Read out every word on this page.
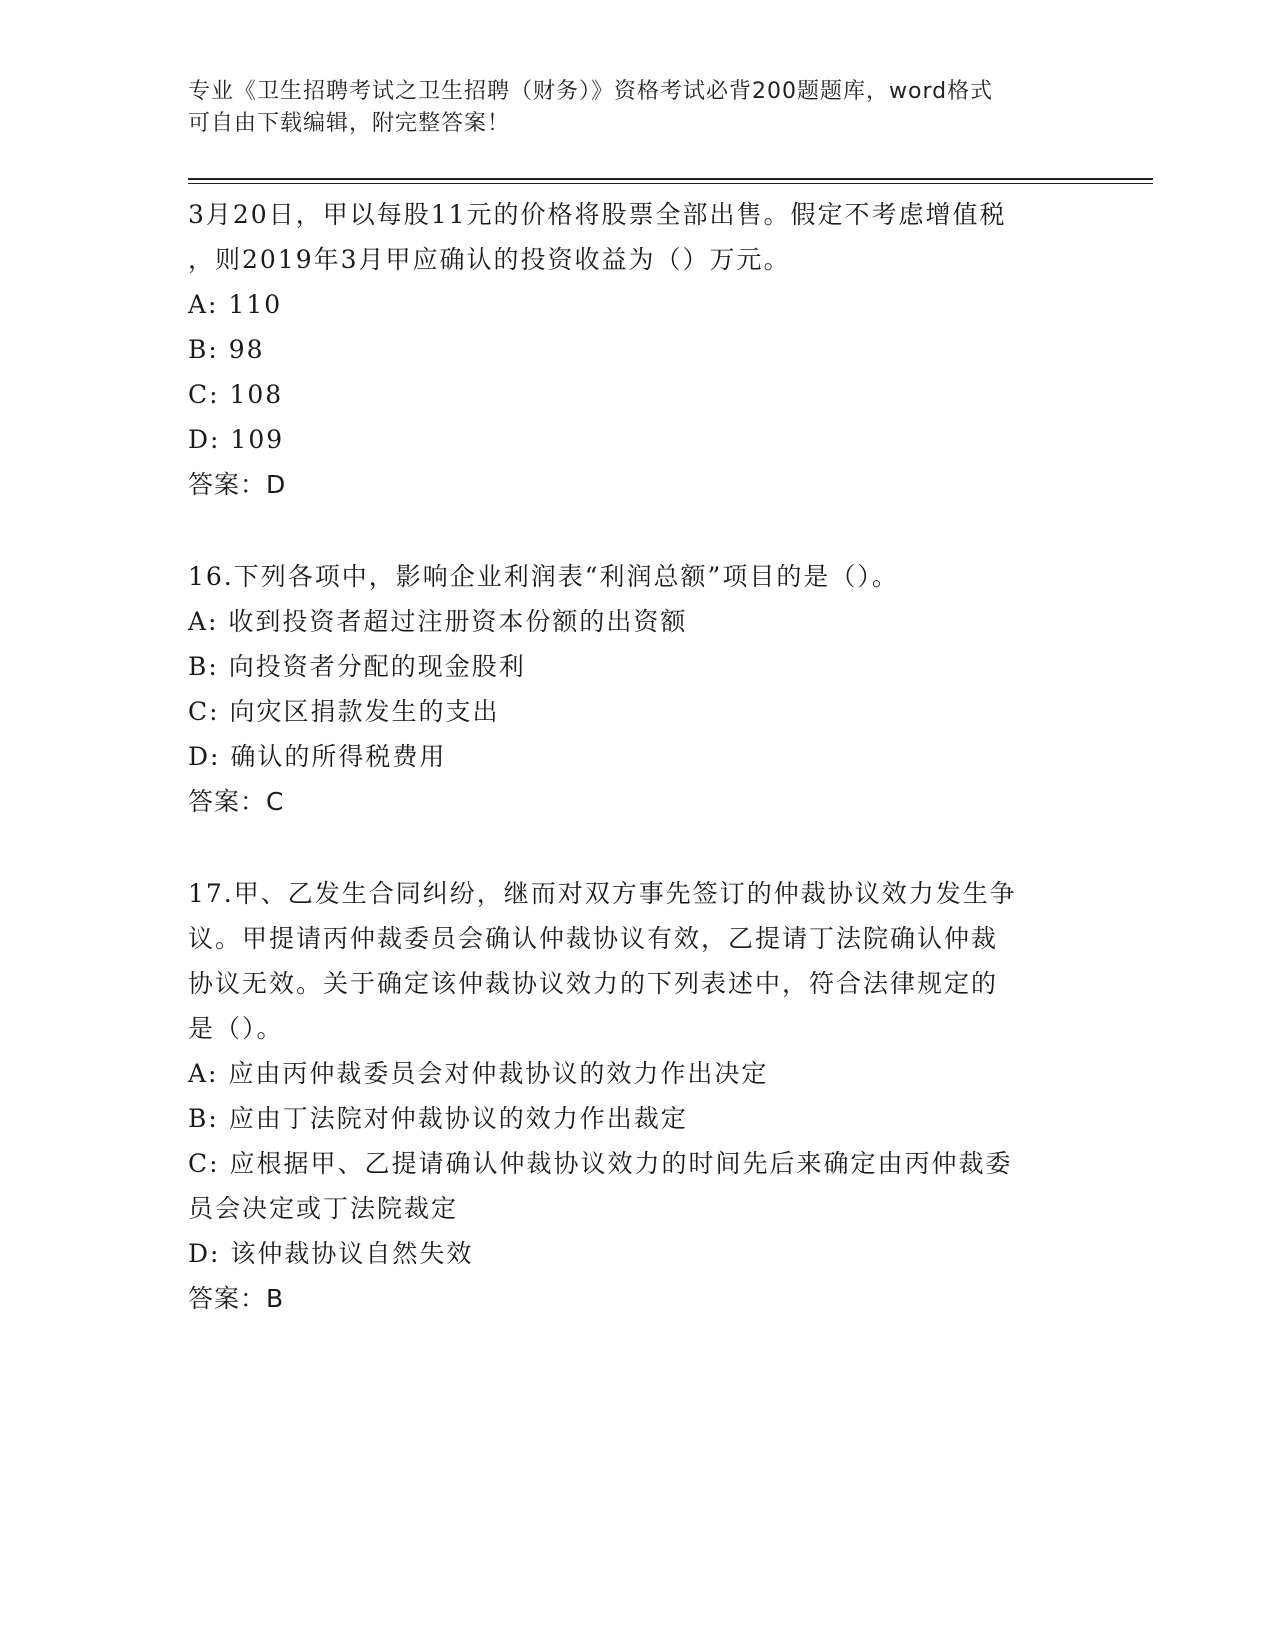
专业《卫生招聘考试之卫生招聘（财务）》资格考试必背200题题库，word格式
可自由下载编辑，附完整答案！
3月20日，甲以每股11元的价格将股票全部出售。假定不考虑增值税
，则2019年3月甲应确认的投资收益为（）万元。
A: 110
B: 98
C: 108
D: 109
答案：D
16.下列各项中，影响企业利润表“利润总额”项目的是（）。
A: 收到投资者超过注册资本份额的出资额
B: 向投资者分配的现金股利
C: 向灾区捐款发生的支出
D: 确认的所得税费用
答案：C
17.甲、乙发生合同纠纷，继而对双方事先签订的仲裁协议效力发生争
议。甲提请丙仲裁委员会确认仲裁协议有效，乙提请丁法院确认仲裁
协议无效。关于确定该仲裁协议效力的下列表述中，符合法律规定的
是（）。
A: 应由丙仲裁委员会对仲裁协议的效力作出决定
B: 应由丁法院对仲裁协议的效力作出裁定
C: 应根据甲、乙提请确认仲裁协议效力的时间先后来确定由丙仲裁委
员会决定或丁法院裁定
D: 该仲裁协议自然失效
答案：B
